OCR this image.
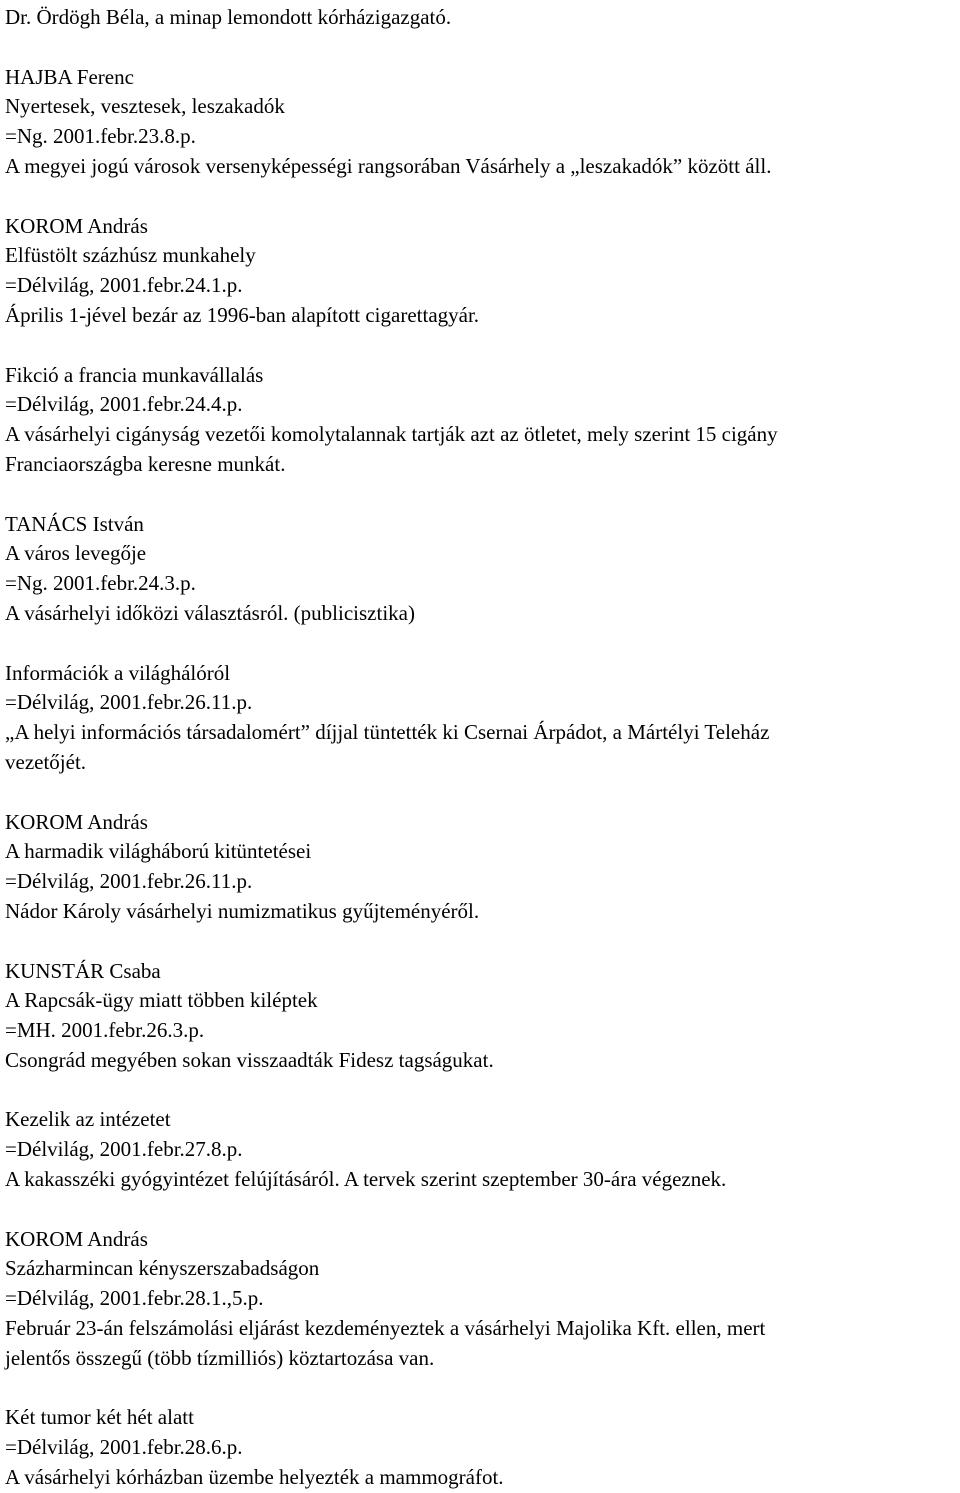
Dr. Ördögh Béla, a minap lemondott kórházigazgató.
HAJBA Ferenc
Nyertesek, vesztesek, leszakadók
=Ng. 2001.febr.23.8.p.
A megyei jogú városok versenyképességi rangsorában Vásárhely a „leszakadók” között áll.
KOROM András
Elfüstölt százhúsz munkahely
=Délvilág, 2001.febr.24.1.p.
Április 1-jével bezár az 1996-ban alapított cigarettagyár.
Fikció a francia munkavállalás
=Délvilág, 2001.febr.24.4.p.
A vásárhelyi cigányság vezetői komolytalannak tartják azt az ötletet, mely szerint 15 cigány
Franciaországba keresne munkát.
TANÁCS István
A város levegője
=Ng. 2001.febr.24.3.p.
A vásárhelyi időközi választásról. (publicisztika)
Információk a világhálóról
=Délvilág, 2001.febr.26.11.p.
„A helyi információs társadalomért” díjjal tüntették ki Csernai Árpádot, a Mártélyi Teleház
vezetőjét.
KOROM András
A harmadik világháború kitüntetései
=Délvilág, 2001.febr.26.11.p.
Nádor Károly vásárhelyi numizmatikus gyűjteményéről.
KUNSTÁR Csaba
A Rapcsák-ügy miatt többen kiléptek
=MH. 2001.febr.26.3.p.
Csongrád megyében sokan visszaadták Fidesz tagságukat.
Kezelik az intézetet
=Délvilág, 2001.febr.27.8.p.
A kakasszéki gyógyintézet felújításáról. A tervek szerint szeptember 30-ára végeznek.
KOROM András
Százharmincan kényszerszabadságon
=Délvilág, 2001.febr.28.1.,5.p.
Február 23-án felszámolási eljárást kezdeményeztek a vásárhelyi Majolika Kft. ellen, mert
jelentős összegű (több tízmilliós) köztartozása van.
Két tumor két hét alatt
=Délvilág, 2001.febr.28.6.p.
A vásárhelyi kórházban üzembe helyezték a mammográfot.
